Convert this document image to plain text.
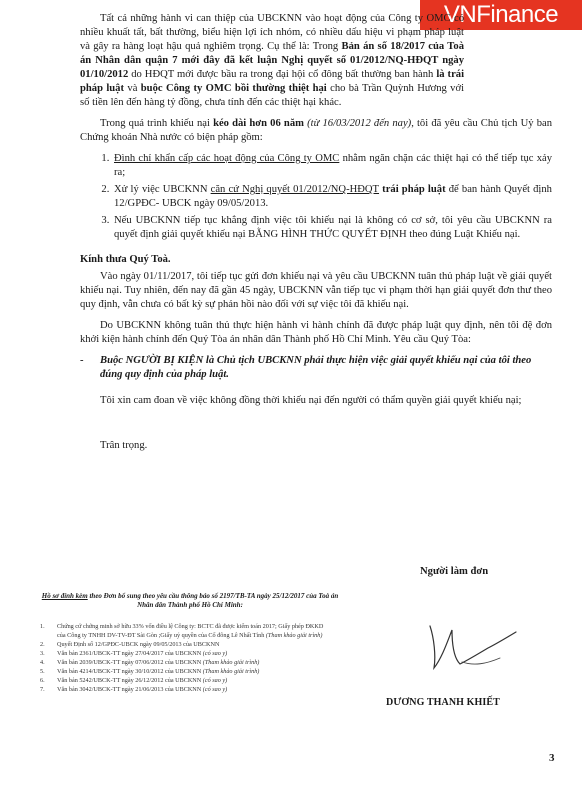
VNFinance

Tất cả những hành vi can thiệp của UBCKNN vào hoạt động của Công ty OMC có nhiều khuất tất, bất thường, biểu hiện lợi ích nhóm, có nhiều dấu hiệu vi phạm pháp luật và gây ra hàng loạt hậu quả nghiêm trọng. Cụ thể là: Trong Bản án số 18/2017 của Toà án Nhân dân quận 7 mới đây đã kết luận Nghị quyết số 01/2012/NQ-HĐQT ngày 01/10/2012 do HĐQT mới được bầu ra trong đại hội cổ đông bất thường ban hành là trái pháp luật và buộc Công ty OMC bồi thường thiệt hại cho bà Trần Quỳnh Hương với số tiền lên đến hàng tỷ đồng, chưa tính đến các thiệt hại khác.

Trong quá trình khiếu nại kéo dài hơn 06 năm (từ 16/03/2012 đến nay), tôi đã yêu cầu Chủ tịch Uỷ ban Chứng khoán Nhà nước có biện pháp gồm:

1. Đình chỉ khẩn cấp các hoạt động của Công ty OMC nhằm ngăn chặn các thiệt hại có thể tiếp tục xảy ra;
2. Xử lý việc UBCKNN căn cứ Nghị quyết 01/2012/NQ-HĐQT trái pháp luật để ban hành Quyết định 12/GPĐC- UBCK ngày 09/05/2013.
3. Nếu UBCKNN tiếp tục khẳng định việc tôi khiếu nại là không có cơ sở, tôi yêu cầu UBCKNN ra quyết định giải quyết khiếu nại BẰNG HÌNH THỨC QUYẾT ĐỊNH theo đúng Luật Khiếu nại.

Kính thưa Quý Toà.

Vào ngày 01/11/2017, tôi tiếp tục gửi đơn khiếu nại và yêu cầu UBCKNN tuân thủ pháp luật về giải quyết khiếu nại. Tuy nhiên, đến nay đã gần 45 ngày, UBCKNN vẫn tiếp tục vi phạm thời hạn giải quyết đơn thư theo quy định, vẫn chưa có bất kỳ sự phản hồi nào đối với sự việc tôi đã khiếu nại.

Do UBCKNN không tuân thủ thực hiện hành vi hành chính đã được pháp luật quy định, nên tôi đệ đơn khởi kiện hành chính đến Quý Tòa án nhân dân Thành phố Hồ Chí Minh. Yêu cầu Quý Tòa:

-	Buộc NGƯỜI BỊ KIỆN là Chủ tịch UBCKNN phải thực hiện việc giải quyết khiếu nại của tôi theo đúng quy định của pháp luật.

Tôi xin cam đoan về việc không đồng thời khiếu nại đến người có thẩm quyền giải quyết khiếu nại;

Trân trọng.

Người làm đơn
DƯƠNG THANH KHIẾT
Hồ sơ đính kèm theo Đơn bổ sung theo yêu cầu thông báo số 2197/TB-TA ngày 25/12/2017 của Toà án Nhân dân Thành phố Hồ Chí Minh:
1.	Chứng cứ chứng minh sở hữu 33% vốn điều lệ Công ty: BCTC đã được kiểm toán 2017; Giấy phép ĐKKD của Công ty TNHH DV-TV-ĐT Sài Gòn ;Giấy uỷ quyền của Cổ đông Lê Nhất Tỉnh (Tham khảo giải trình)
2.	Quyết Định số 12/GPĐC-UBCK ngày 09/05/2013 của UBCKNN
3.	Văn bản 2361/UBCK-TT ngày 27/04/2017 của UBCKNN (có sao y)
4.	Văn bản 2039/UBCK-TT ngày 07/06/2012 của UBCKNN (Tham khảo giải trình)
5.	Văn bản 4214/UBCK-TT ngày 30/10/2012 của UBCKNN (Tham khảo giải trình)
6.	Văn bản 5242/UBCK-TT ngày 26/12/2012 của UBCKNN (có sao y)
7.	Văn bản 3042/UBCK-TT ngày 21/06/2013 của UBCKNN (có sao y)
3
